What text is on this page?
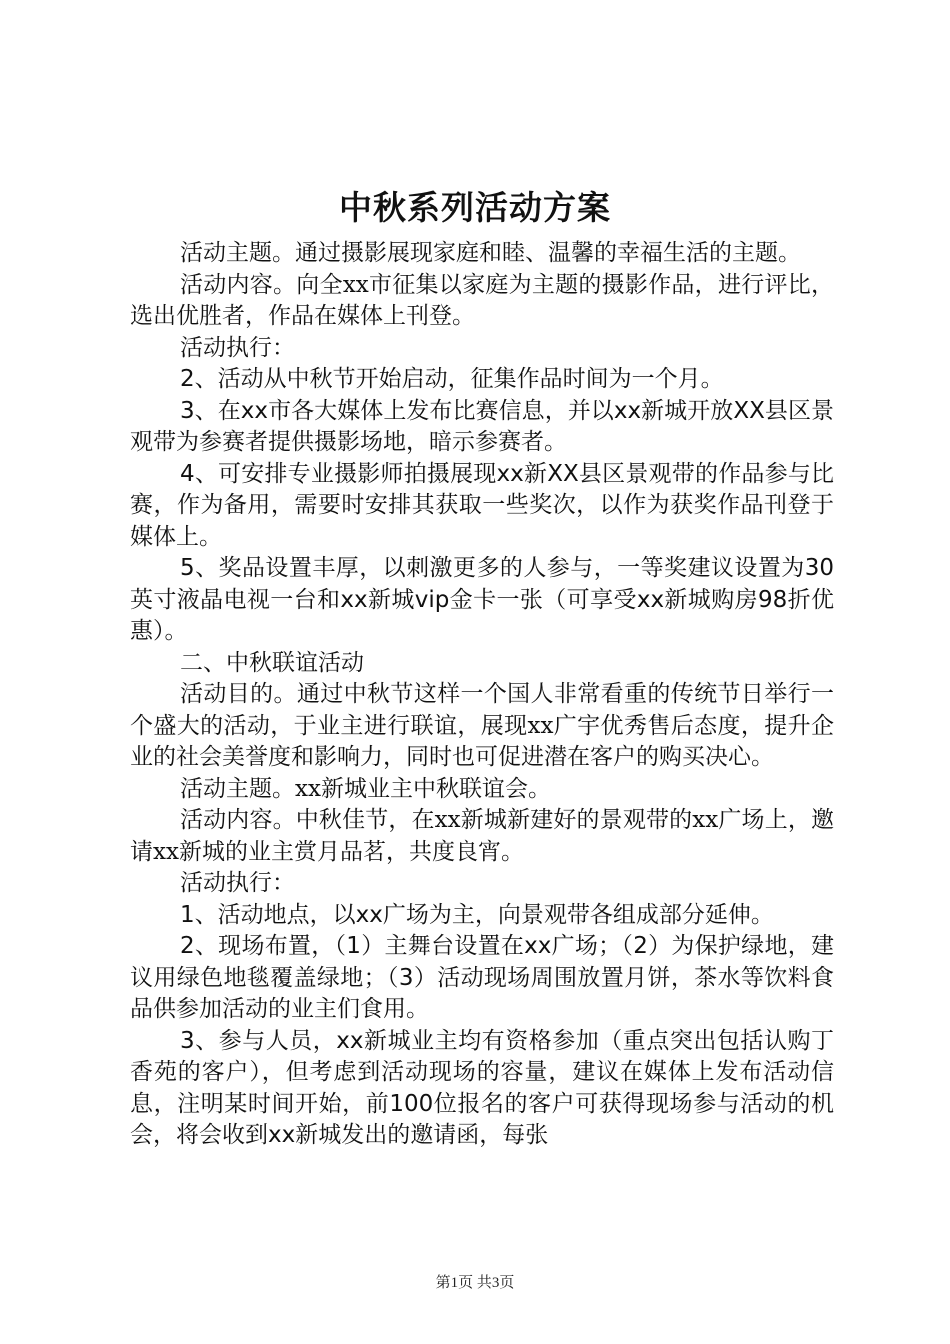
中秋系列活动方案

活动主题。通过摄影展现家庭和睦、温馨的幸福生活的主题。

活动内容。向全xx市征集以家庭为主题的摄影作品，进行评比，选出优胜者，作品在媒体上刊登。

活动执行：

2、活动从中秋节开始启动，征集作品时间为一个月。

3、在xx市各大媒体上发布比赛信息，并以xx新城开放XX县区景观带为参赛者提供摄影场地，暗示参赛者。

4、可安排专业摄影师拍摄展现xx新XX县区景观带的作品参与比赛，作为备用，需要时安排其获取一些奖次，以作为获奖作品刊登于媒体上。

5、奖品设置丰厚，以刺激更多的人参与，一等奖建议设置为30英寸液晶电视一台和xx新城vip金卡一张（可享受xx新城购房98折优惠）。

二、中秋联谊活动

活动目的。通过中秋节这样一个国人非常看重的传统节日举行一个盛大的活动，于业主进行联谊，展现xx广宇优秀售后态度，提升企业的社会美誉度和影响力，同时也可促进潜在客户的购买决心。

活动主题。xx新城业主中秋联谊会。

活动内容。中秋佳节，在xx新城新建好的景观带的xx广场上，邀请xx新城的业主赏月品茗，共度良宵。

活动执行：

1、活动地点，以xx广场为主，向景观带各组成部分延伸。

2、现场布置，（1）主舞台设置在xx广场；（2）为保护绿地，建议用绿色地毯覆盖绿地；（3）活动现场周围放置月饼，茶水等饮料食品供参加活动的业主们食用。

3、参与人员，xx新城业主均有资格参加（重点突出包括认购丁香苑的客户），但考虑到活动现场的容量，建议在媒体上发布活动信息，注明某时间开始，前100位报名的客户可获得现场参与活动的机会，将会收到xx新城发出的邀请函，每张

第1页 共3页
